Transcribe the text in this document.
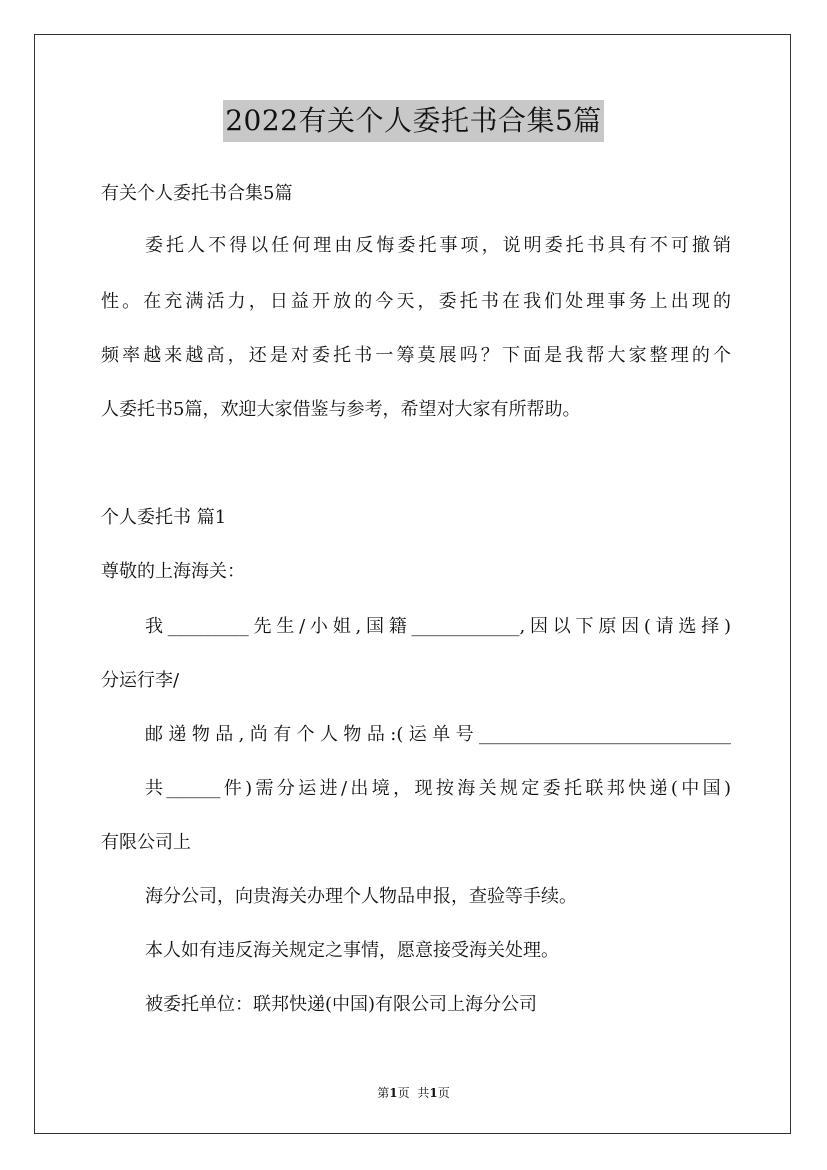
2022有关个人委托书合集5篇
有关个人委托书合集5篇
委托人不得以任何理由反悔委托事项，说明委托书具有不可撤销
性。在充满活力，日益开放的今天，委托书在我们处理事务上出现的
频率越来越高，还是对委托书一筹莫展吗？下面是我帮大家整理的个
人委托书5篇，欢迎大家借鉴与参考，希望对大家有所帮助。
个人委托书 篇1
尊敬的上海海关：
我_________先生/小姐,国籍____________,因以下原因(请选择)
分运行李/
邮递物品,尚有个人物品:(运单号____________________________
共______件)需分运进/出境，现按海关规定委托联邦快递(中国)
有限公司上
海分公司，向贵海关办理个人物品申报，查验等手续。
本人如有违反海关规定之事情，愿意接受海关处理。
被委托单位：联邦快递(中国)有限公司上海分公司
第1页 共1页
